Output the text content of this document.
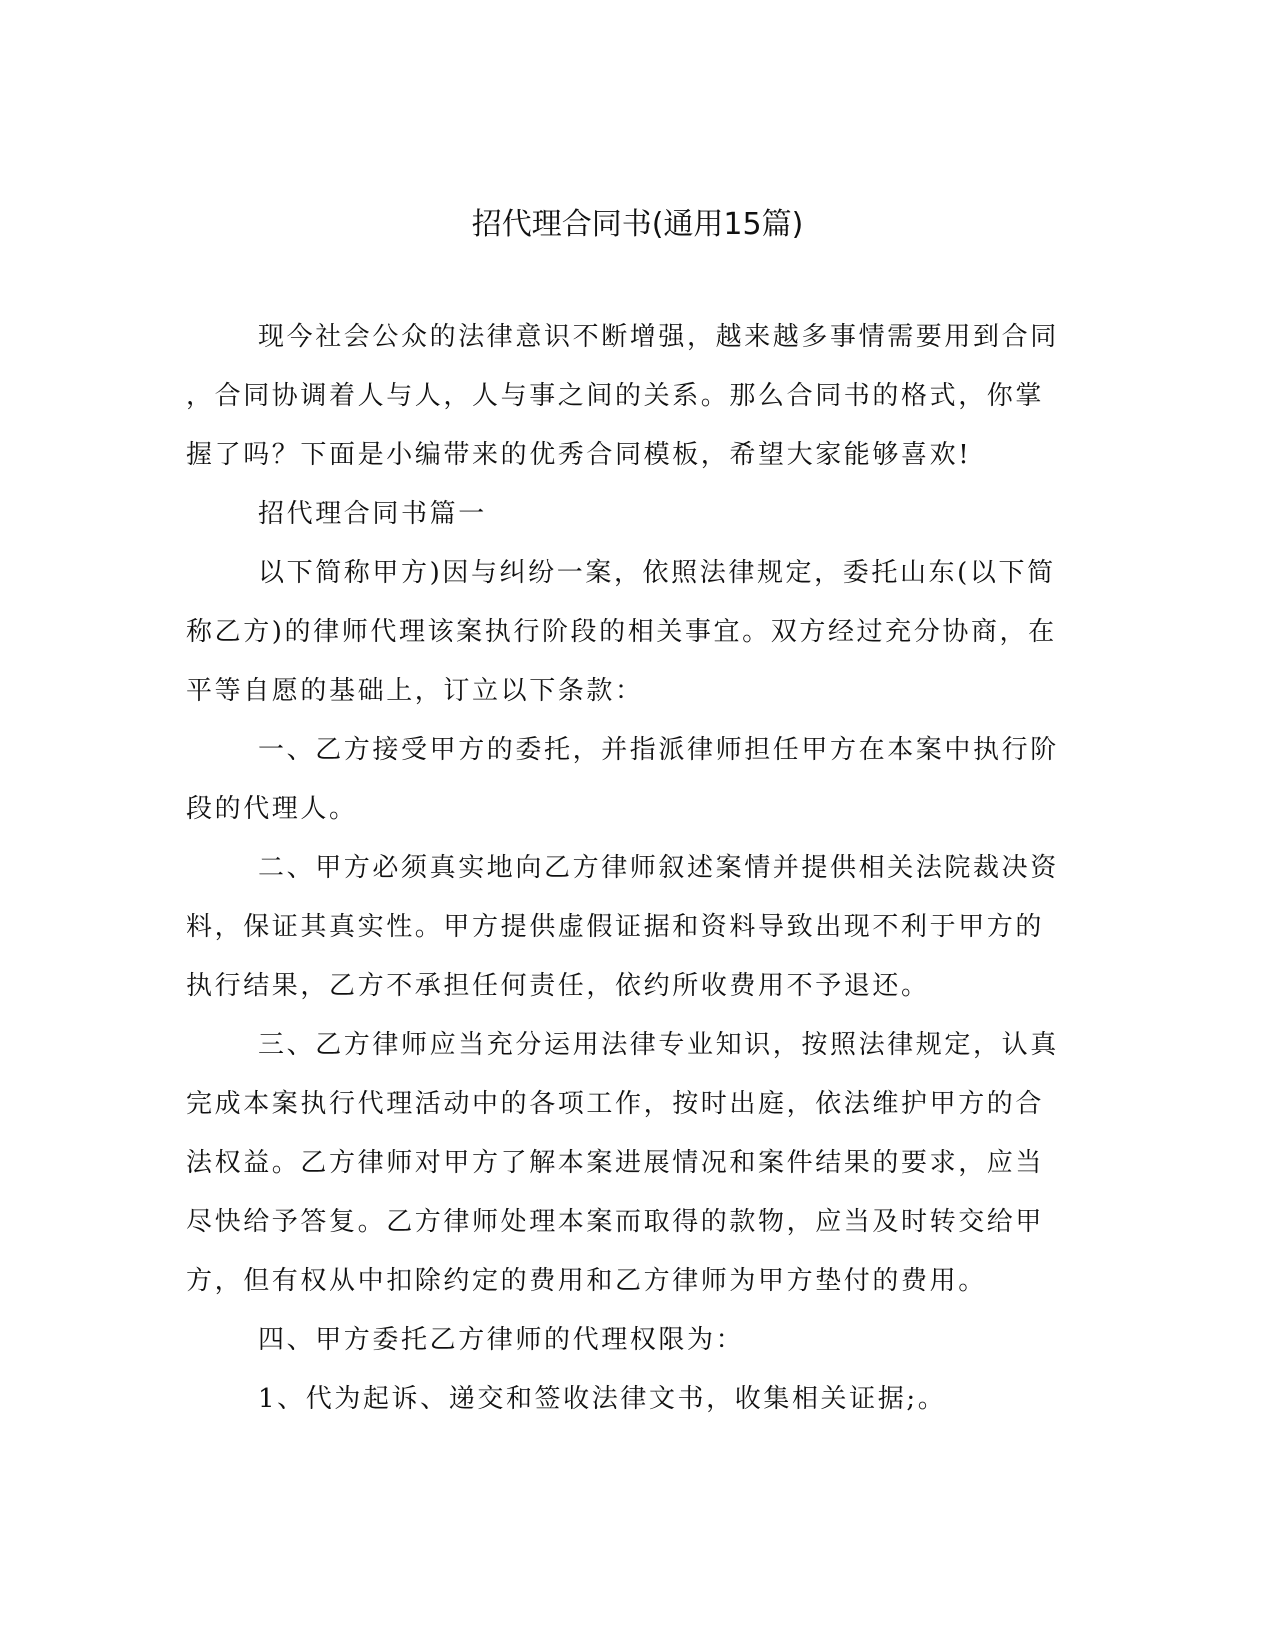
招代理合同书(通用15篇)
现今社会公众的法律意识不断增强，越来越多事情需要用到合同
，合同协调着人与人，人与事之间的关系。那么合同书的格式，你掌
握了吗？下面是小编带来的优秀合同模板，希望大家能够喜欢!
招代理合同书篇一
以下简称甲方)因与纠纷一案，依照法律规定，委托山东(以下简
称乙方)的律师代理该案执行阶段的相关事宜。双方经过充分协商，在
平等自愿的基础上，订立以下条款：
一、乙方接受甲方的委托，并指派律师担任甲方在本案中执行阶
段的代理人。
二、甲方必须真实地向乙方律师叙述案情并提供相关法院裁决资
料，保证其真实性。甲方提供虚假证据和资料导致出现不利于甲方的
执行结果，乙方不承担任何责任，依约所收费用不予退还。
三、乙方律师应当充分运用法律专业知识，按照法律规定，认真
完成本案执行代理活动中的各项工作，按时出庭，依法维护甲方的合
法权益。乙方律师对甲方了解本案进展情况和案件结果的要求，应当
尽快给予答复。乙方律师处理本案而取得的款物，应当及时转交给甲
方，但有权从中扣除约定的费用和乙方律师为甲方垫付的费用。
四、甲方委托乙方律师的代理权限为：
1、代为起诉、递交和签收法律文书，收集相关证据;。
